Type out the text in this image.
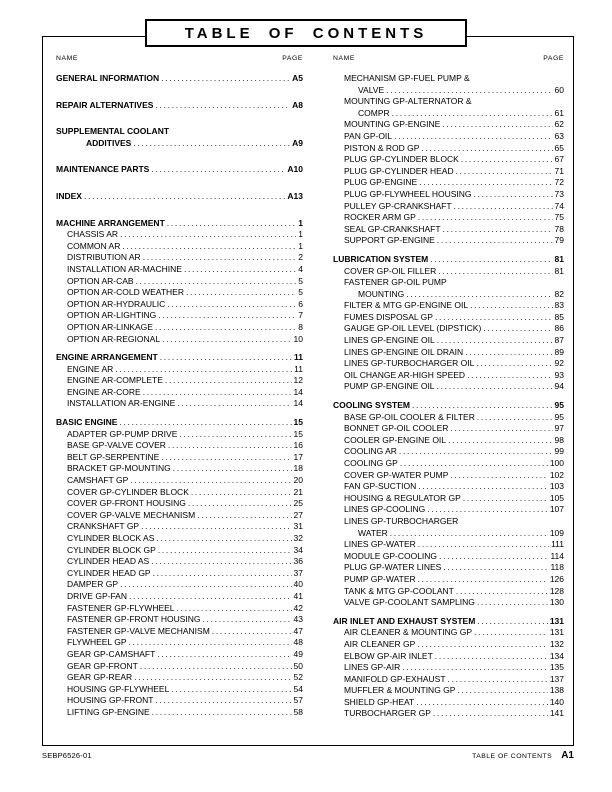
TABLE OF CONTENTS
NAME	PAGE
GENERAL INFORMATION .....	A5
REPAIR ALTERNATIVES .....	A8
SUPPLEMENTAL COOLANT
ADDITIVES .....	A9
MAINTENANCE PARTS .....	A10
INDEX .....	A13
MACHINE ARRANGEMENT .....	1
CHASSIS AR .....	1
COMMON AR .....	1
DISTRIBUTION AR .....	2
INSTALLATION AR-MACHINE .....	4
OPTION AR-CAB .....	5
OPTION AR-COLD WEATHER .....	5
OPTION AR-HYDRAULIC .....	6
OPTION AR-LIGHTING .....	7
OPTION AR-LINKAGE .....	8
OPTION AR-REGIONAL .....	10
ENGINE ARRANGEMENT .....	11
ENGINE AR .....	11
ENGINE AR-COMPLETE .....	12
ENGINE AR-CORE .....	14
INSTALLATION AR-ENGINE .....	14
BASIC ENGINE .....	15
ADAPTER GP-PUMP DRIVE .....	15
BASE GP-VALVE COVER .....	16
BELT GP-SERPENTINE .....	17
BRACKET GP-MOUNTING .....	18
CAMSHAFT GP .....	20
COVER GP-CYLINDER BLOCK .....	21
COVER GP-FRONT HOUSING .....	25
COVER GP-VALVE MECHANISM .....	27
CRANKSHAFT GP .....	31
CYLINDER BLOCK AS .....	32
CYLINDER BLOCK GP .....	34
CYLINDER HEAD AS .....	36
CYLINDER HEAD GP .....	37
DAMPER GP .....	40
DRIVE GP-FAN .....	41
FASTENER GP-FLYWHEEL .....	42
FASTENER GP-FRONT HOUSING .....	43
FASTENER GP-VALVE MECHANISM .....	47
FLYWHEEL GP .....	48
GEAR GP-CAMSHAFT .....	49
GEAR GP-FRONT .....	50
GEAR GP-REAR .....	52
HOUSING GP-FLYWHEEL .....	54
HOUSING GP-FRONT .....	57
LIFTING GP-ENGINE .....	58
NAME	PAGE
MECHANISM GP-FUEL PUMP &
VALVE .....	60
MOUNTING GP-ALTERNATOR &
COMPR .....	61
MOUNTING GP-ENGINE .....	62
PAN GP-OIL .....	63
PISTON & ROD GP .....	65
PLUG GP-CYLINDER BLOCK .....	67
PLUG GP-CYLINDER HEAD .....	71
PLUG GP-ENGINE .....	72
PLUG GP-FLYWHEEL HOUSING .....	73
PULLEY GP-CRANKSHAFT .....	74
ROCKER ARM GP .....	75
SEAL GP-CRANKSHAFT .....	78
SUPPORT GP-ENGINE .....	79
LUBRICATION SYSTEM .....	81
COVER GP-OIL FILLER .....	81
FASTENER GP-OIL PUMP
MOUNTING .....	82
FILTER & MTG GP-ENGINE OIL .....	83
FUMES DISPOSAL GP .....	85
GAUGE GP-OIL LEVEL (DIPSTICK) .....	86
LINES GP-ENGINE OIL .....	87
LINES GP-ENGINE OIL DRAIN .....	89
LINES GP-TURBOCHARGER OIL .....	92
OIL CHANGE AR-HIGH SPEED .....	93
PUMP GP-ENGINE OIL .....	94
COOLING SYSTEM .....	95
BASE GP-OIL COOLER & FILTER .....	95
BONNET GP-OIL COOLER .....	97
COOLER GP-ENGINE OIL .....	98
COOLING AR .....	99
COOLING GP .....	100
COVER GP-WATER PUMP .....	102
FAN GP-SUCTION .....	103
HOUSING & REGULATOR GP .....	105
LINES GP-COOLING .....	107
LINES GP-TURBOCHARGER
WATER .....	109
LINES GP-WATER .....	111
MODULE GP-COOLING .....	114
PLUG GP-WATER LINES .....	118
PUMP GP-WATER .....	126
TANK & MTG GP-COOLANT .....	128
VALVE GP-COOLANT SAMPLING .....	130
AIR INLET AND EXHAUST SYSTEM .....	131
AIR CLEANER & MOUNTING GP .....	131
AIR CLEANER GP .....	132
ELBOW GP-AIR INLET .....	134
LINES GP-AIR .....	135
MANIFOLD GP-EXHAUST .....	137
MUFFLER & MOUNTING GP .....	138
SHIELD GP-HEAT .....	140
TURBOCHARGER GP .....	141
SEBP6526-01	TABLE OF CONTENTS A1
